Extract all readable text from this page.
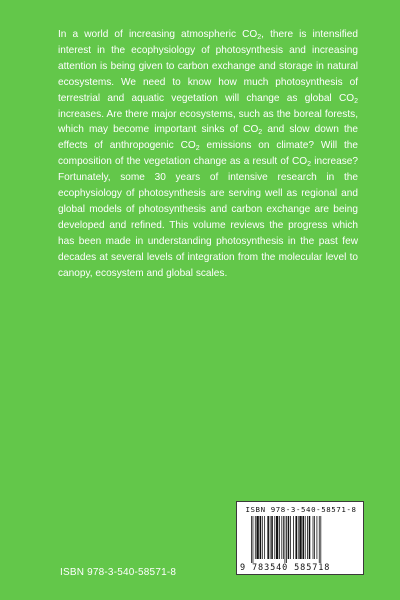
In a world of increasing atmospheric $CO_2$, there is intensified interest in the ecophysiology of photosynthesis and increasing attention is being given to carbon exchange and storage in natural ecosystems. We need to know how much photosynthesis of terrestrial and aquatic vegetation will change as global $CO_2$ increases. Are there major ecosystems, such as the boreal forests, which may become important sinks of $CO_2$ and slow down the effects of anthropogenic $CO_2$ emissions on climate? Will the composition of the vegetation change as a result of $CO_2$ increase? Fortunately, some 30 years of intensive research in the ecophysiology of photosynthesis are serving well as regional and global models of photosynthesis and carbon exchange are being developed and refined. This volume reviews the progress which has been made in understanding photosynthesis in the past few decades at several levels of integration from the molecular level to canopy, ecosystem and global scales.
ISBN 978-3-540-58571-8
ISBN 978-3-540-58571-8
9 783540 585718
